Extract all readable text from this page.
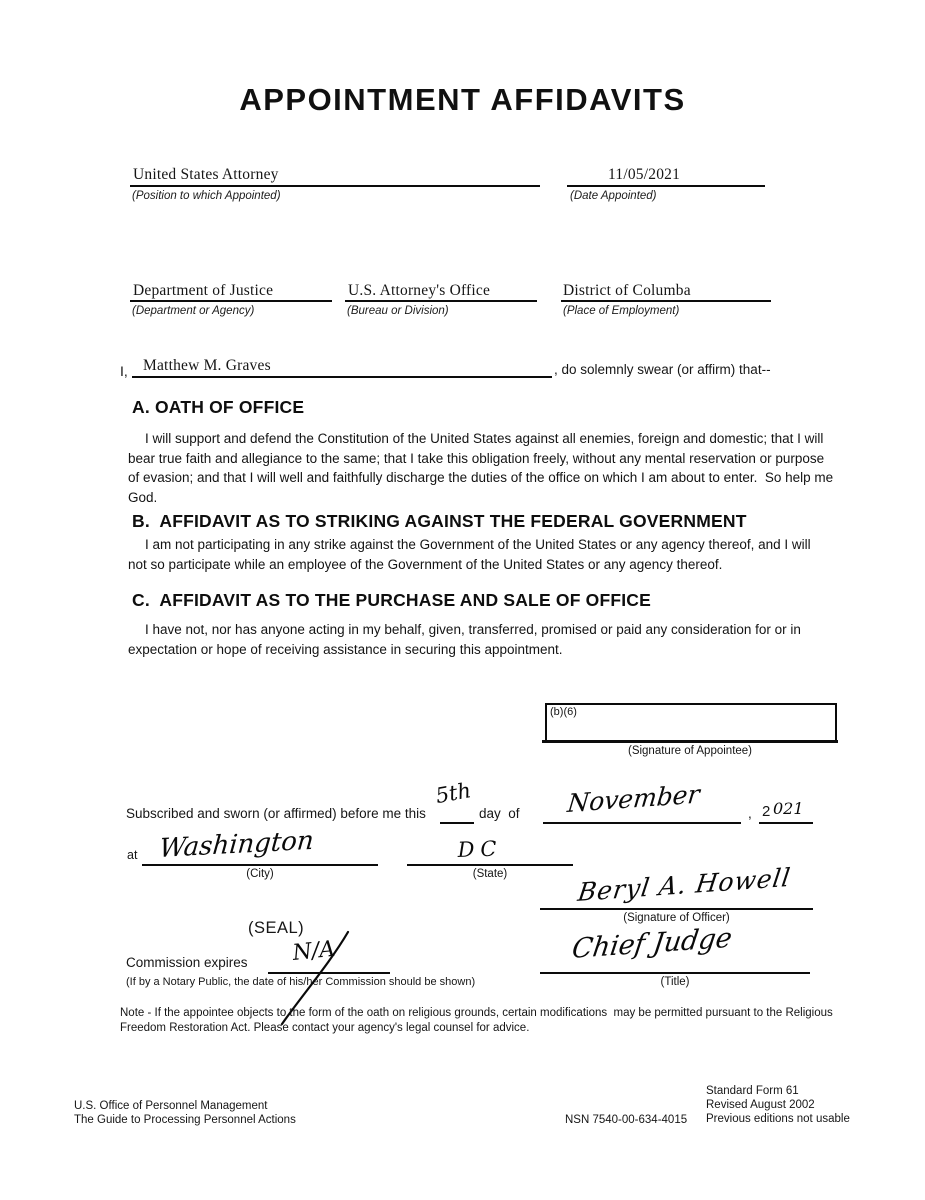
APPOINTMENT AFFIDAVITS
United States Attorney
(Position to which Appointed)
11/05/2021
(Date Appointed)
Department of Justice
(Department or Agency)
U.S. Attorney's Office
(Bureau or Division)
District of Columba
(Place of Employment)
I, Matthew M. Graves	, do solemnly swear (or affirm) that--
A. OATH OF OFFICE
I will support and defend the Constitution of the United States against all enemies, foreign and domestic; that I will bear true faith and allegiance to the same; that I take this obligation freely, without any mental reservation or purpose of evasion; and that I will well and faithfully discharge the duties of the office on which I am about to enter.  So help me God.
B.  AFFIDAVIT AS TO STRIKING AGAINST THE FEDERAL GOVERNMENT
I am not participating in any strike against the Government of the United States or any agency thereof, and I will not so participate while an employee of the Government of the United States or any agency thereof.
C.  AFFIDAVIT AS TO THE PURCHASE AND SALE OF OFFICE
I have not, nor has anyone acting in my behalf, given, transferred, promised or paid any consideration for or in expectation or hope of receiving assistance in securing this appointment.
(b)(6)
(Signature of Appointee)
Subscribed and sworn (or affirmed) before me this
5th
day  of November	, 2 021
at Washington
(City)
DC
(State)	Beryl A. Howell
(Signature of Officer)
(SEAL)
Commission expires N/A
(If by a Notary Public, the date of his/her Commission should be shown)
Chief Judge
(Title)
Note - If the appointee objects to the form of the oath on religious grounds, certain modifications  may be permitted pursuant to the Religious Freedom Restoration Act. Please contact your agency's legal counsel for advice.
U.S. Office of Personnel Management
The Guide to Processing Personnel Actions	NSN 7540-00-634-4015
Standard Form 61
Revised August 2002
Previous editions not usable
